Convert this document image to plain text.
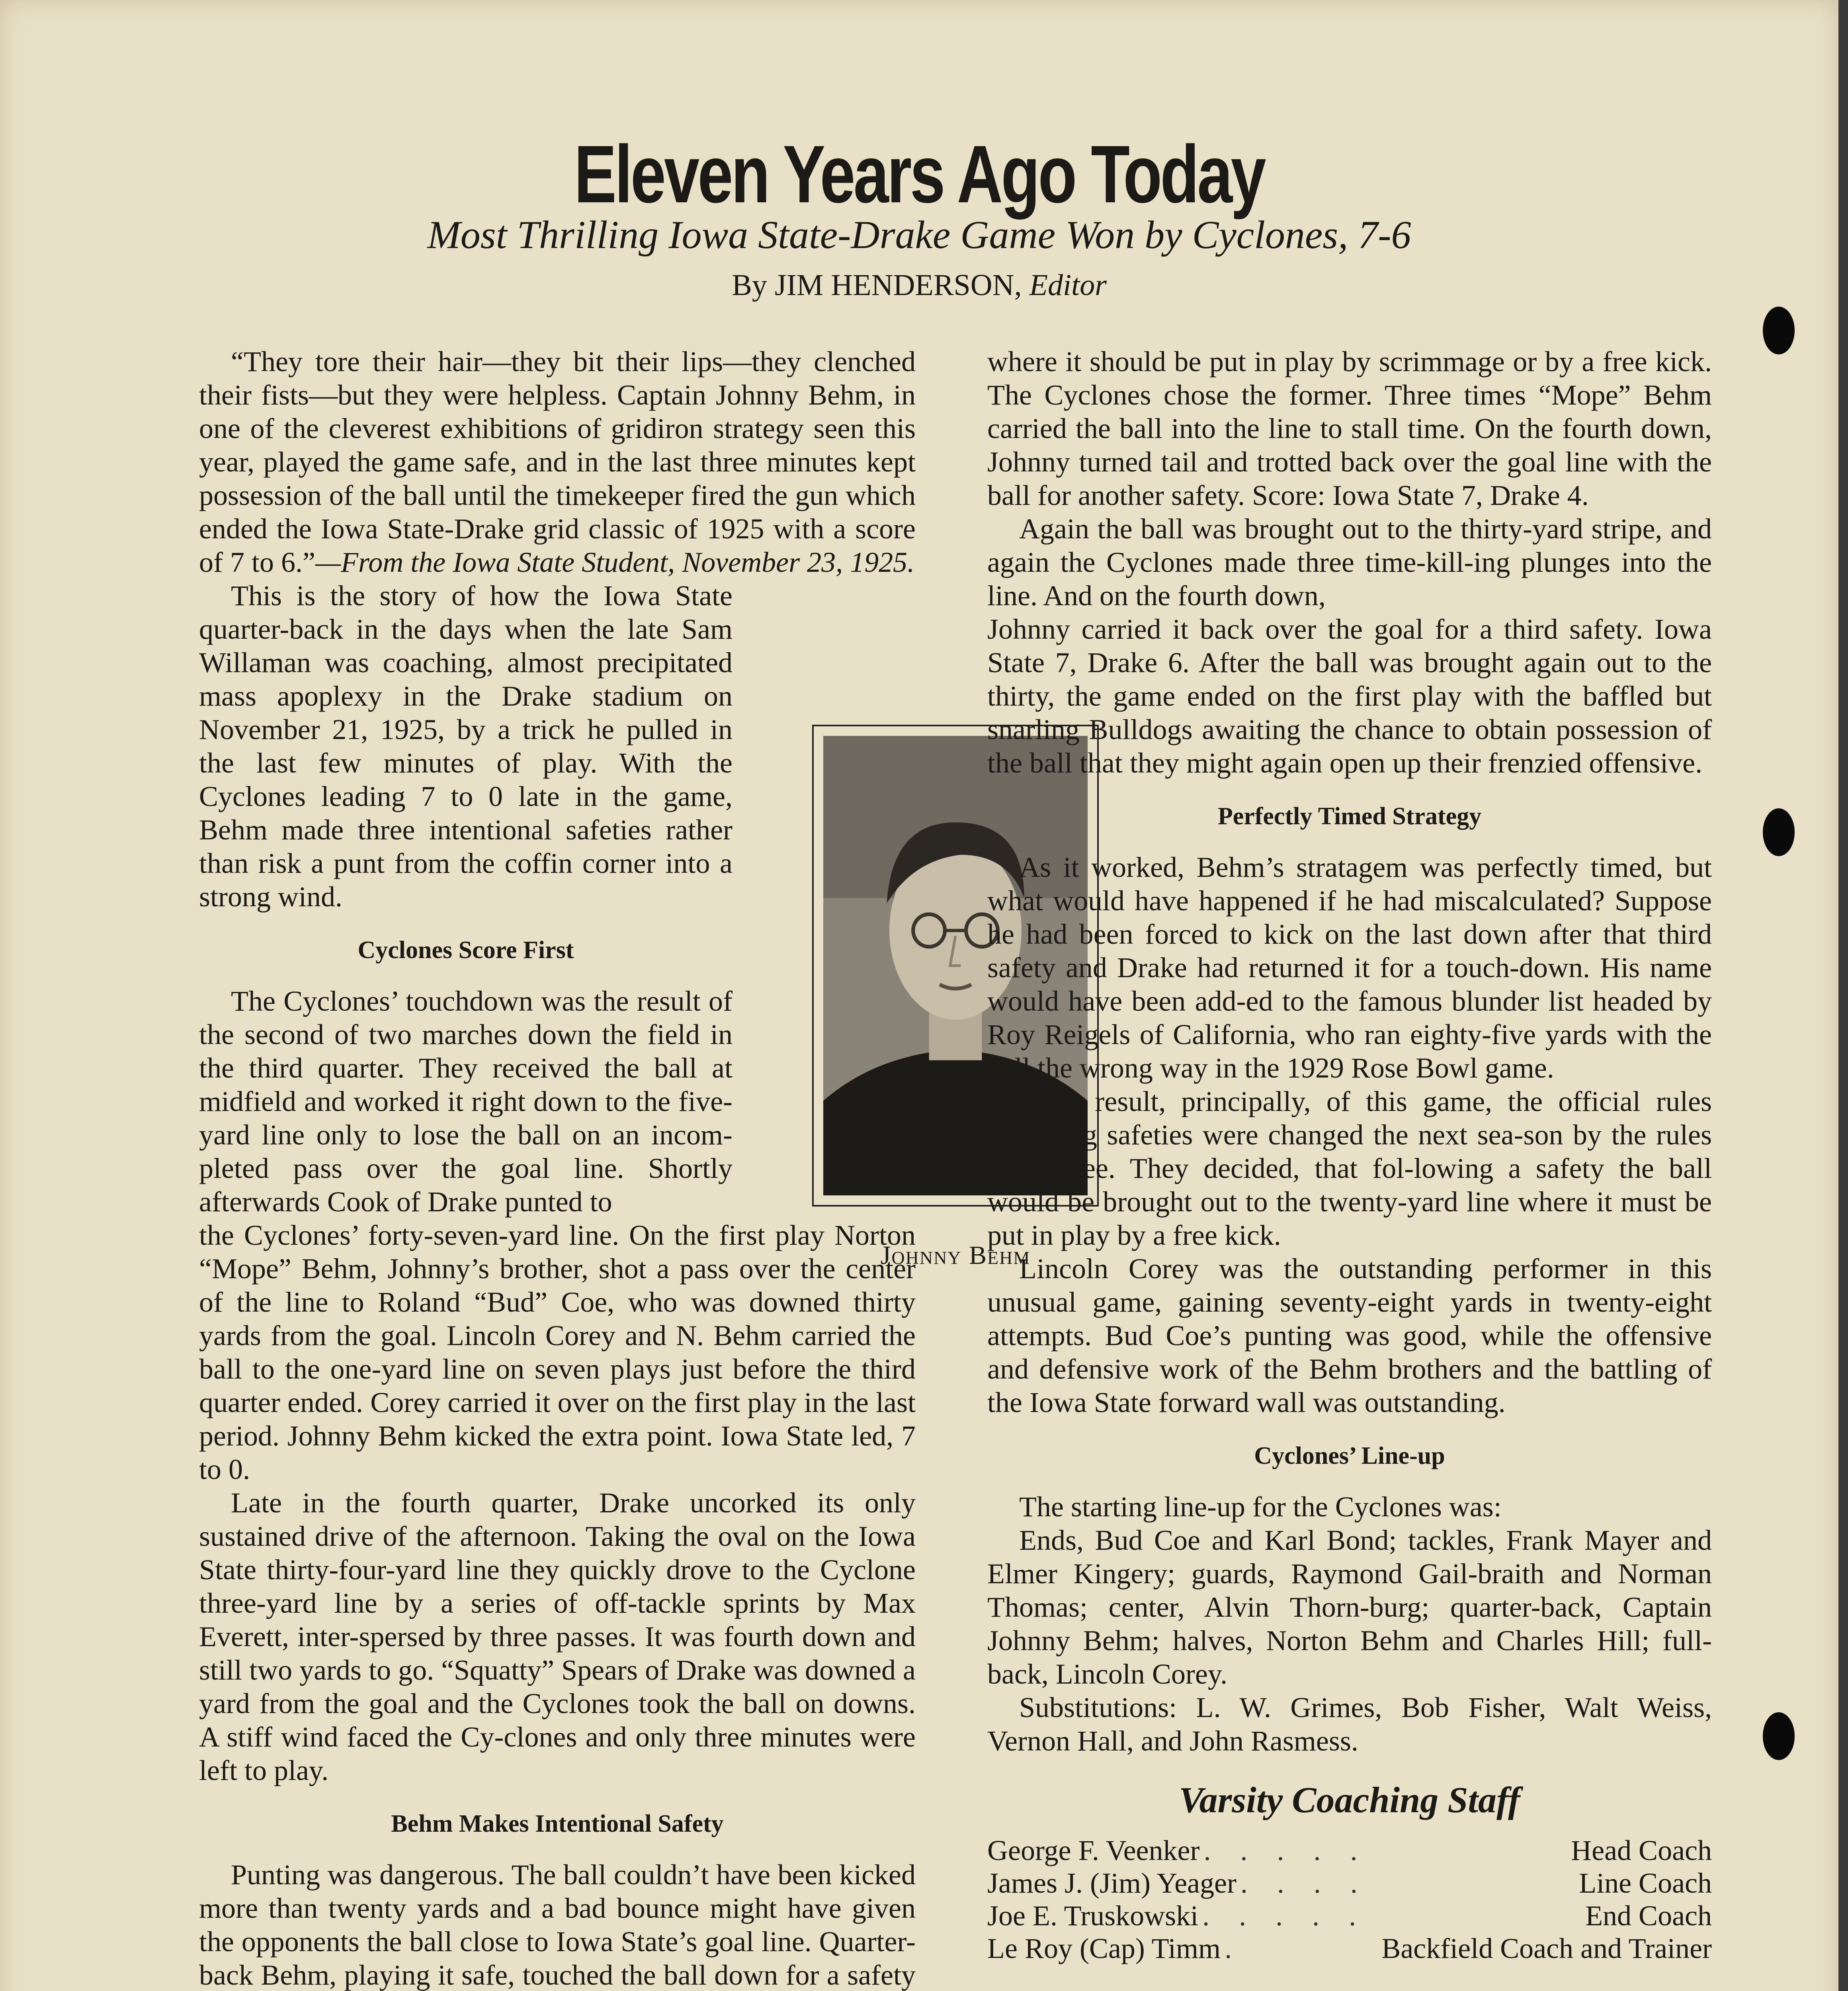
Eleven Years Ago Today
Most Thrilling Iowa State-Drake Game Won by Cyclones, 7-6
By JIM HENDERSON, Editor

“They tore their hair—they bit their lips—they clenched their fists—but they were helpless. Captain Johnny Behm, in one of the cleverest exhibitions of gridiron strategy seen this year, played the game safe, and in the last three minutes kept possession of the ball until the timekeeper fired the gun which ended the Iowa State-Drake grid classic of 1925 with a score of 7 to 6.”—From the Iowa State Student, November 23, 1925.

This is the story of how the Iowa State quarter-back in the days when the late Sam Willaman was coaching, almost precipitated mass apoplexy in the Drake stadium on November 21, 1925, by a trick he pulled in the last few minutes of play. With the Cyclones leading 7 to 0 late in the game, Behm made three intentional safeties rather than risk a punt from the coffin corner into a strong wind.

Cyclones Score First

The Cyclones’ touchdown was the result of the second of two marches down the field in the third quarter. They received the ball at midfield and worked it right down to the five-yard line only to lose the ball on an incom-pleted pass over the goal line. Shortly afterwards Cook of Drake punted to

the Cyclones’ forty-seven-yard line. On the first play Norton “Mope” Behm, Johnny’s brother, shot a pass over the center of the line to Roland “Bud” Coe, who was downed thirty yards from the goal. Lincoln Corey and N. Behm carried the ball to the one-yard line on seven plays just before the third quarter ended. Corey carried it over on the first play in the last period. Johnny Behm kicked the extra point. Iowa State led, 7 to 0.

Late in the fourth quarter, Drake uncorked its only sustained drive of the afternoon. Taking the oval on the Iowa State thirty-four-yard line they quickly drove to the Cyclone three-yard line by a series of off-tackle sprints by Max Everett, inter-spersed by three passes. It was fourth down and still two yards to go. “Squatty” Spears of Drake was downed a yard from the goal and the Cyclones took the ball on downs. A stiff wind faced the Cy-clones and only three minutes were left to play.

Behm Makes Intentional Safety

Punting was dangerous. The ball couldn’t have been kicked more than twenty yards and a bad bounce might have given the opponents the ball close to Iowa State’s goal line. Quarter-back Behm, playing it safe, touched the ball down for a safety

Johnny Behm

where it should be put in play by scrimmage or by a free kick. The Cyclones chose the former. Three times “Mope” Behm carried the ball into the line to stall time. On the fourth down, Johnny turned tail and trotted back over the goal line with the ball for another safety. Score: Iowa State 7, Drake 4.

Again the ball was brought out to the thirty-yard stripe, and again the Cyclones made three time-kill-ing plunges into the line. And on the fourth down,

Johnny carried it back over the goal for a third safety. Iowa State 7, Drake 6. After the ball was brought again out to the thirty, the game ended on the first play with the baffled but snarling Bulldogs awaiting the chance to obtain possession of the ball that they might again open up their frenzied offensive.

Perfectly Timed Strategy

As it worked, Behm’s stratagem was perfectly timed, but what would have happened if he had miscalculated? Suppose he had been forced to kick on the last down after that third safety and Drake had returned it for a touch-down. His name would have been add-ed to the famous blunder list headed by Roy Reigels of California, who ran eighty-five yards with the ball the wrong way in the 1929 Rose Bowl game.

As a result, principally, of this game, the official rules regarding safeties were changed the next sea-son by the rules committee. They decided, that fol-lowing a safety the ball would be brought out to the twenty-yard line where it must be put in play by a free kick.

Lincoln Corey was the outstanding performer in this unusual game, gaining seventy-eight yards in twenty-eight attempts. Bud Coe’s punting was good, while the offensive and defensive work of the Behm brothers and the battling of the Iowa State forward wall was outstanding.

Cyclones’ Line-up

The starting line-up for the Cyclones was:

Ends, Bud Coe and Karl Bond; tackles, Frank Mayer and Elmer Kingery; guards, Raymond Gail-braith and Norman Thomas; center, Alvin Thorn-burg; quarter-back, Captain Johnny Behm; halves, Norton Behm and Charles Hill; full-back, Lincoln Corey.

Substitutions: L. W. Grimes, Bob Fisher, Walt Weiss, Vernon Hall, and John Rasmess.

Varsity Coaching Staff

George F. Veenker . . . . .	Head Coach
James J. (Jim) Yeager . . . .	Line Coach
Joe E. Truskowski . . . . .	End Coach
Le Roy (Cap) Timm .	Backfield Coach and Trainer
